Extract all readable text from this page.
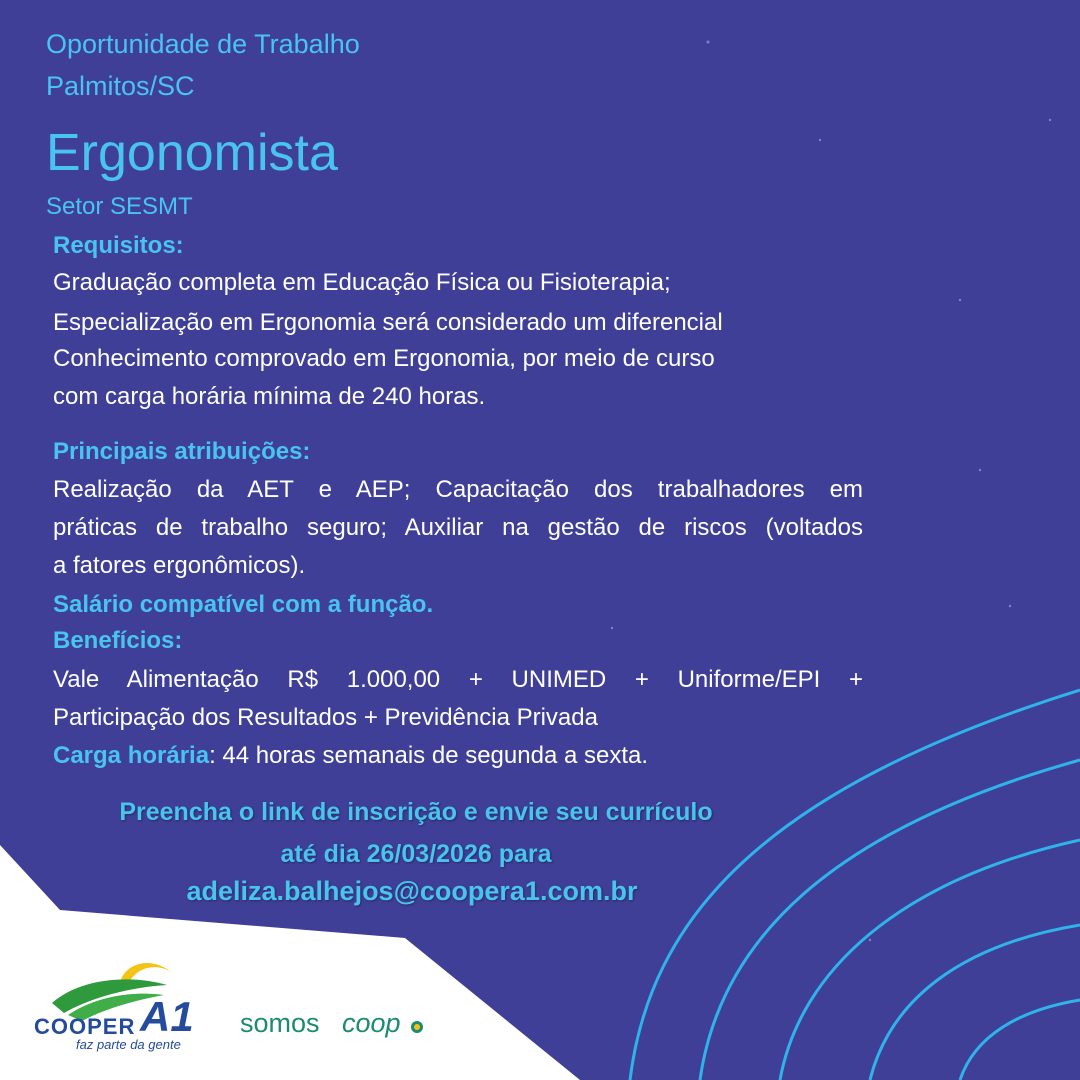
Oportunidade de Trabalho

Palmitos/SC

Ergonomista

Setor SESMT

Requisitos:

Graduação completa em Educação Física ou Fisioterapia;

Especialização em Ergonomia será considerado um diferencial

Conhecimento comprovado em Ergonomia, por meio de curso

com carga horária mínima de 240 horas.

Principais atribuições:

Realização da AET e AEP; Capacitação dos trabalhadores em

práticas de trabalho seguro; Auxiliar na gestão de riscos (voltados

a fatores ergonômicos).

Salário compatível com a função.

Benefícios:

Vale Alimentação R$ 1.000,00 + UNIMED + Uniforme/EPI +

Participação dos Resultados + Previdência Privada

Carga horária: 44 horas semanais de segunda a sexta.

Preencha o link de inscrição e envie seu currículo

até dia 26/03/2026 para

adeliza.balhejos@coopera1.com.br

COOPER A1
faz parte da gente
somos coop
